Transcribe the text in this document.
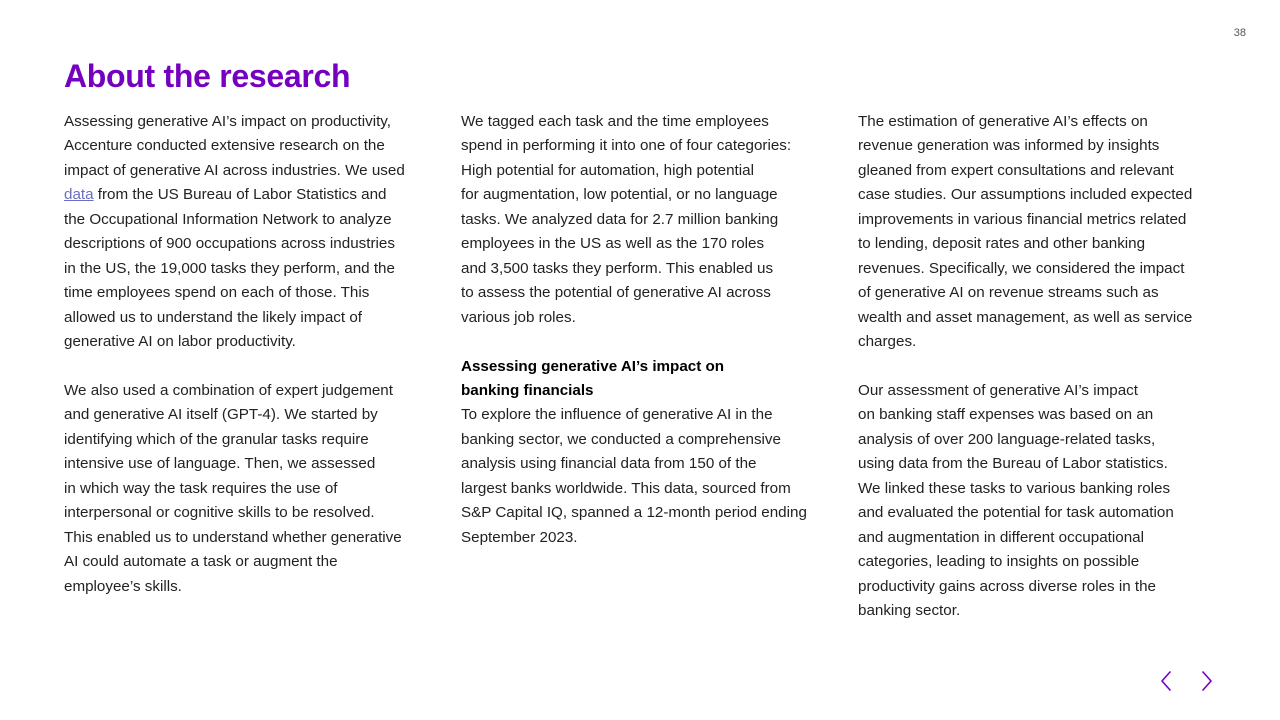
38
About the research

Assessing generative AI’s impact on productivity,
Accenture conducted extensive research on the
impact of generative AI across industries. We used
data from the US Bureau of Labor Statistics and
the Occupational Information Network to analyze
descriptions of 900 occupations across industries
in the US, the 19,000 tasks they perform, and the
time employees spend on each of those. This
allowed us to understand the likely impact of
generative AI on labor productivity.

We also used a combination of expert judgement
and generative AI itself (GPT-4). We started by
identifying which of the granular tasks require
intensive use of language. Then, we assessed
in which way the task requires the use of
interpersonal or cognitive skills to be resolved.
This enabled us to understand whether generative
AI could automate a task or augment the
employee’s skills.

We tagged each task and the time employees
spend in performing it into one of four categories:
High potential for automation, high potential
for augmentation, low potential, or no language
tasks. We analyzed data for 2.7 million banking
employees in the US as well as the 170 roles
and 3,500 tasks they perform. This enabled us
to assess the potential of generative AI across
various job roles.

Assessing generative AI’s impact on
banking financials

To explore the influence of generative AI in the
banking sector, we conducted a comprehensive
analysis using financial data from 150 of the
largest banks worldwide. This data, sourced from
S&P Capital IQ, spanned a 12-month period ending
September 2023.

The estimation of generative AI’s effects on
revenue generation was informed by insights
gleaned from expert consultations and relevant
case studies. Our assumptions included expected
improvements in various financial metrics related
to lending, deposit rates and other banking
revenues. Specifically, we considered the impact
of generative AI on revenue streams such as
wealth and asset management, as well as service
charges.

Our assessment of generative AI’s impact
on banking staff expenses was based on an
analysis of over 200 language-related tasks,
using data from the Bureau of Labor statistics.
We linked these tasks to various banking roles
and evaluated the potential for task automation
and augmentation in different occupational
categories, leading to insights on possible
productivity gains across diverse roles in the
banking sector.
